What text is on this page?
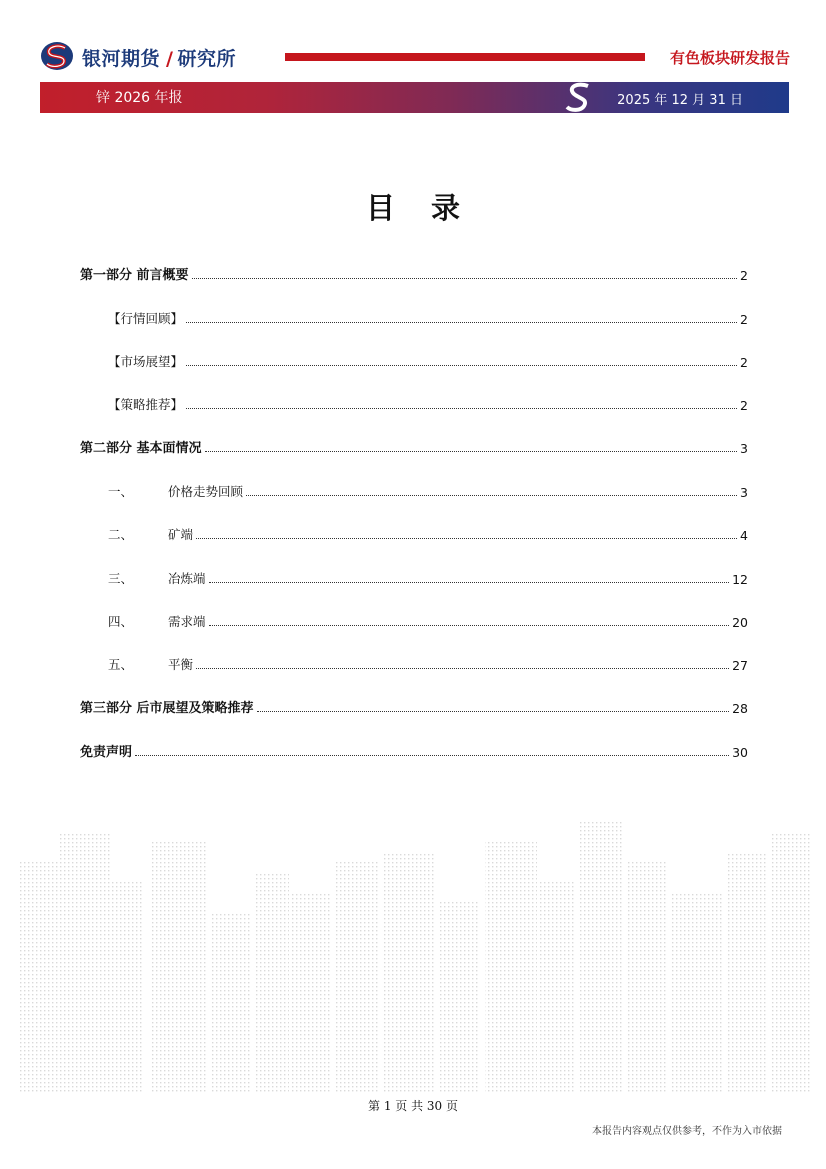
银河期货 / 研究所	有色板块研发报告
锌 2026 年报	2025 年 12 月 31 日
目录
第一部分 前言概要	2
【行情回顾】	2
【市场展望】	2
【策略推荐】	2
第二部分 基本面情况	3
一、	价格走势回顾	3
二、	矿端	4
三、	冶炼端	12
四、	需求端	20
五、	平衡	27
第三部分 后市展望及策略推荐	28
免责声明	30
第 1 页 共 30 页
本报告内容观点仅供参考，不作为入市依据
